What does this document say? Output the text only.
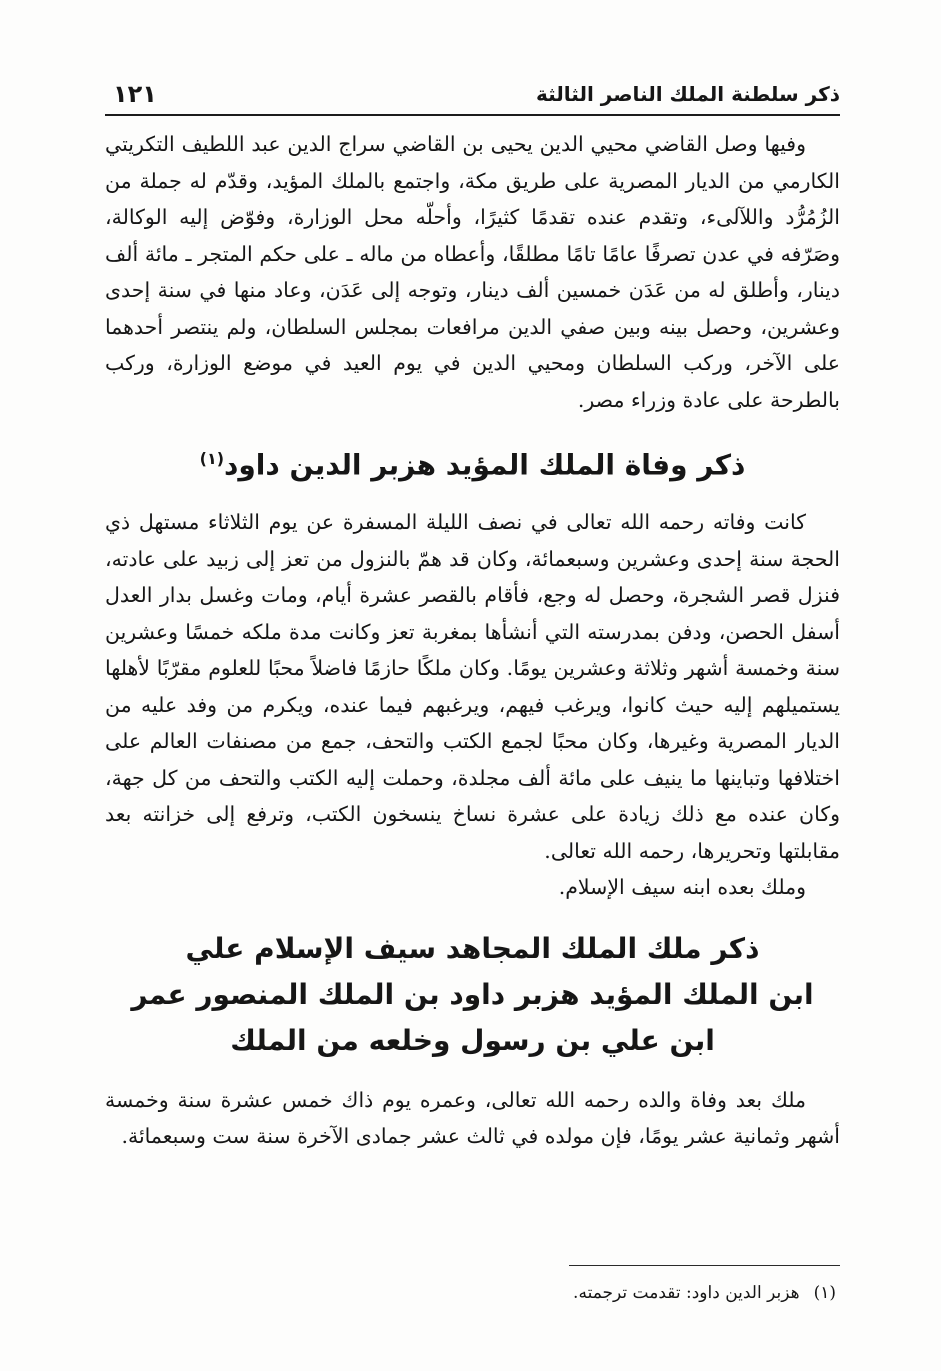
ذكر سلطنة الملك الناصر الثالثة
١٢١

وفيها وصل القاضي محيي الدين يحيى بن القاضي سراج الدين عبد اللطيف التكريتي الكارمي من الديار المصرية على طريق مكة، واجتمع بالملك المؤيد، وقدّم له جملة من الزُمُرُّد واللآلىء، وتقدم عنده تقدمًا كثيرًا، وأحلّه محل الوزارة، وفوّض إليه الوكالة، وصَرّفه في عدن تصرفًا عامًا تامًا مطلقًا، وأعطاه من ماله ـ على حكم المتجر ـ مائة ألف دينار، وأطلق له من عَدَن خمسين ألف دينار، وتوجه إلى عَدَن، وعاد منها في سنة إحدى وعشرين، وحصل بينه وبين صفي الدين مرافعات بمجلس السلطان، ولم ينتصر أحدهما على الآخر، وركب السلطان ومحيي الدين في يوم العيد في موضع الوزارة، وركب بالطرحة على عادة وزراء مصر.

ذكر وفاة الملك المؤيد هزبر الدين داود$^{(١)}$

كانت وفاته رحمه الله تعالى في نصف الليلة المسفرة عن يوم الثلاثاء مستهل ذي الحجة سنة إحدى وعشرين وسبعمائة، وكان قد همّ بالنزول من تعز إلى زبيد على عادته، فنزل قصر الشجرة، وحصل له وجع، فأقام بالقصر عشرة أيام، ومات وغسل بدار العدل أسفل الحصن، ودفن بمدرسته التي أنشأها بمغربة تعز وكانت مدة ملكه خمسًا وعشرين سنة وخمسة أشهر وثلاثة وعشرين يومًا. وكان ملكًا حازمًا فاضلاً محبًا للعلوم مقرّبًا لأهلها يستميلهم إليه حيث كانوا، ويرغب فيهم، ويرغبهم فيما عنده، ويكرم من وفد عليه من الديار المصرية وغيرها، وكان محبًا لجمع الكتب والتحف، جمع من مصنفات العالم على اختلافها وتباينها ما ينيف على مائة ألف مجلدة، وحملت إليه الكتب والتحف من كل جهة، وكان عنده مع ذلك زيادة على عشرة نساخ ينسخون الكتب، وترفع إلى خزانته بعد مقابلتها وتحريرها، رحمه الله تعالى.

وملك بعده ابنه سيف الإسلام.

ذكر ملك الملك المجاهد سيف الإسلام علي
ابن الملك المؤيد هزبر داود بن الملك المنصور عمر
ابن علي بن رسول وخلعه من الملك

ملك بعد وفاة والده رحمه الله تعالى، وعمره يوم ذاك خمس عشرة سنة وخمسة أشهر وثمانية عشر يومًا، فإن مولده في ثالث عشر جمادى الآخرة سنة ست وسبعمائة.

(١)هزبر الدين داود: تقدمت ترجمته.
